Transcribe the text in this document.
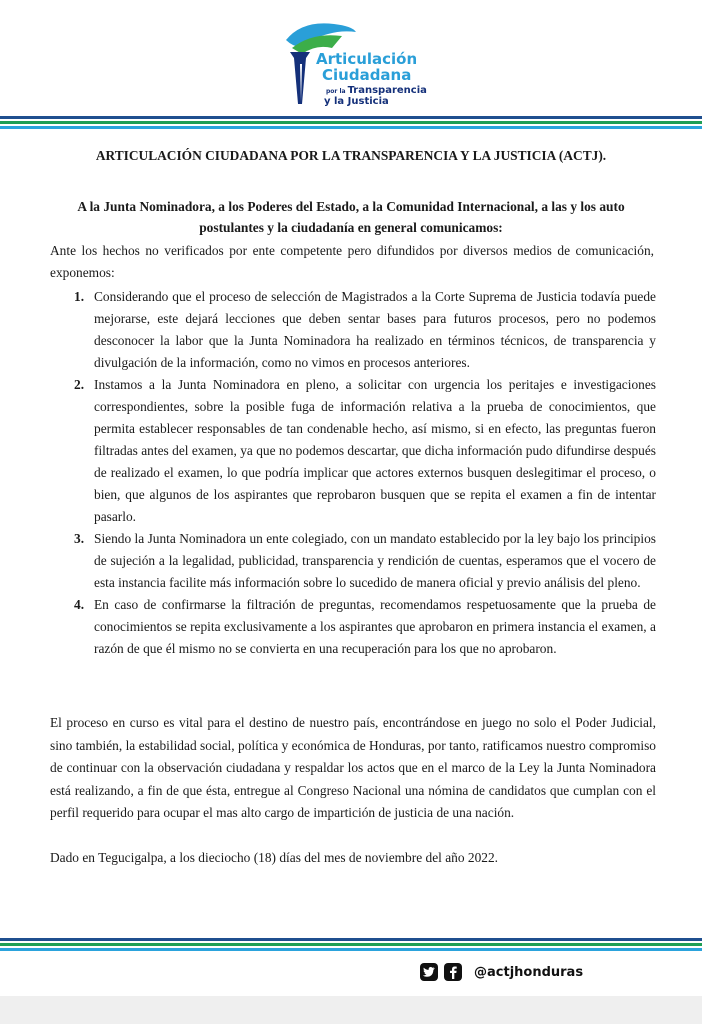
Articulación
Ciudadana
por la Transparencia
y la Justicia
ARTICULACIÓN CIUDADANA POR LA TRANSPARENCIA Y LA JUSTICIA (ACTJ).
A la Junta Nominadora, a los Poderes del Estado, a la Comunidad Internacional, a las y los auto
postulantes y la ciudadanía en general comunicamos:
Ante los hechos no verificados por ente competente pero difundidos por diversos medios de comunicación, exponemos:
1. Considerando que el proceso de selección de Magistrados a la Corte Suprema de Justicia todavía puede mejorarse, este dejará lecciones que deben sentar bases para futuros procesos, pero no podemos desconocer la labor que la Junta Nominadora ha realizado en términos técnicos, de transparencia y divulgación de la información, como no vimos en procesos anteriores.
2. Instamos a la Junta Nominadora en pleno, a solicitar con urgencia los peritajes e investigaciones correspondientes, sobre la posible fuga de información relativa a la prueba de conocimientos, que permita establecer responsables de tan condenable hecho, así mismo, si en efecto, las preguntas fueron filtradas antes del examen, ya que no podemos descartar, que dicha información pudo difundirse después de realizado el examen, lo que podría implicar que actores externos busquen deslegitimar el proceso, o bien, que algunos de los aspirantes que reprobaron busquen que se repita el examen a fin de intentar pasarlo.
3. Siendo la Junta Nominadora un ente colegiado, con un mandato establecido por la ley bajo los principios de sujeción a la legalidad, publicidad, transparencia y rendición de cuentas, esperamos que el vocero de esta instancia facilite más información sobre lo sucedido de manera oficial y previo análisis del pleno.
4. En caso de confirmarse la filtración de preguntas, recomendamos respetuosamente que la prueba de conocimientos se repita exclusivamente a los aspirantes que aprobaron en primera instancia el examen, a razón de que él mismo no se convierta en una recuperación para los que no aprobaron.
El proceso en curso es vital para el destino de nuestro país, encontrándose en juego no solo el Poder Judicial, sino también, la estabilidad social, política y económica de Honduras, por tanto, ratificamos nuestro compromiso de continuar con la observación ciudadana y respaldar los actos que en el marco de la Ley la Junta Nominadora está realizando, a fin de que ésta, entregue al Congreso Nacional una nómina de candidatos que cumplan con el perfil requerido para ocupar el mas alto cargo de impartición de justicia de una nación.
Dado en Tegucigalpa, a los dieciocho (18) días del mes de noviembre del año 2022.
@actjhonduras
